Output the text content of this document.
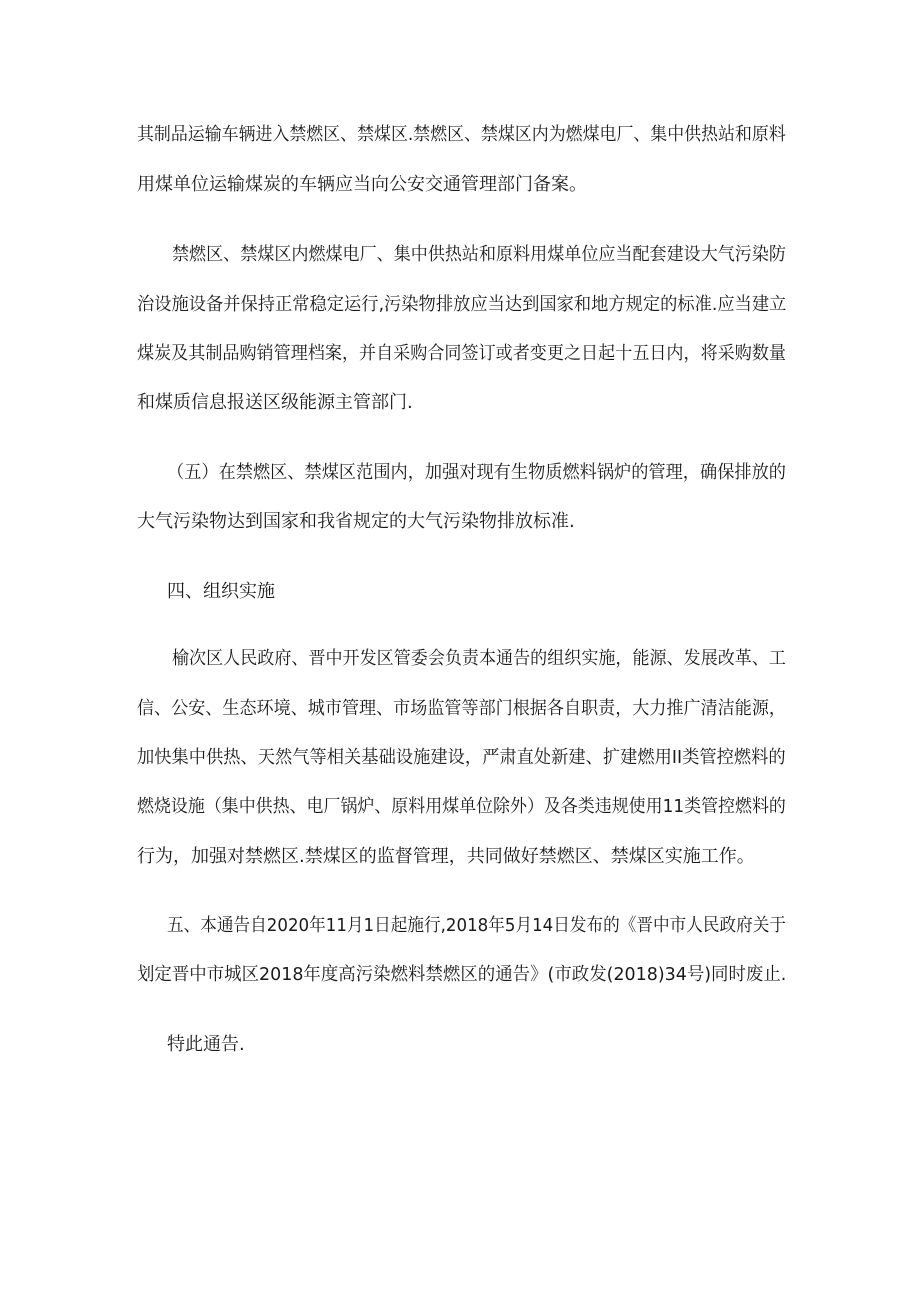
其制品运输车辆进入禁燃区、禁煤区.禁燃区、禁煤区内为燃煤电厂、集中供热站和原料
用煤单位运输煤炭的车辆应当向公安交通管理部门备案。
禁燃区、禁煤区内燃煤电厂、集中供热站和原料用煤单位应当配套建设大气污染防
治设施设备并保持正常稳定运行,污染物排放应当达到国家和地方规定的标准.应当建立
煤炭及其制品购销管理档案，并自采购合同签订或者变更之日起十五日内，将采购数量
和煤质信息报送区级能源主管部门.
（五）在禁燃区、禁煤区范围内，加强对现有生物质燃料锅炉的管理，确保排放的
大气污染物达到国家和我省规定的大气污染物排放标准.
四、组织实施
榆次区人民政府、晋中开发区管委会负责本通告的组织实施，能源、发展改革、工
信、公安、生态环境、城市管理、市场监管等部门根据各自职责，大力推广清洁能源，
加快集中供热、天然气等相关基础设施建设，严肃直处新建、扩建燃用II类管控燃料的
燃烧设施（集中供热、电厂锅炉、原料用煤单位除外）及各类违规使用11类管控燃料的
行为，加强对禁燃区.禁煤区的监督管理，共同做好禁燃区、禁煤区实施工作。
五、本通告自2020年11月1日起施行,2018年5月14日发布的《晋中市人民政府关于
划定晋中市城区2018年度高污染燃料禁燃区的通告》(市政发(2018)34号)同时废止.
特此通告.
